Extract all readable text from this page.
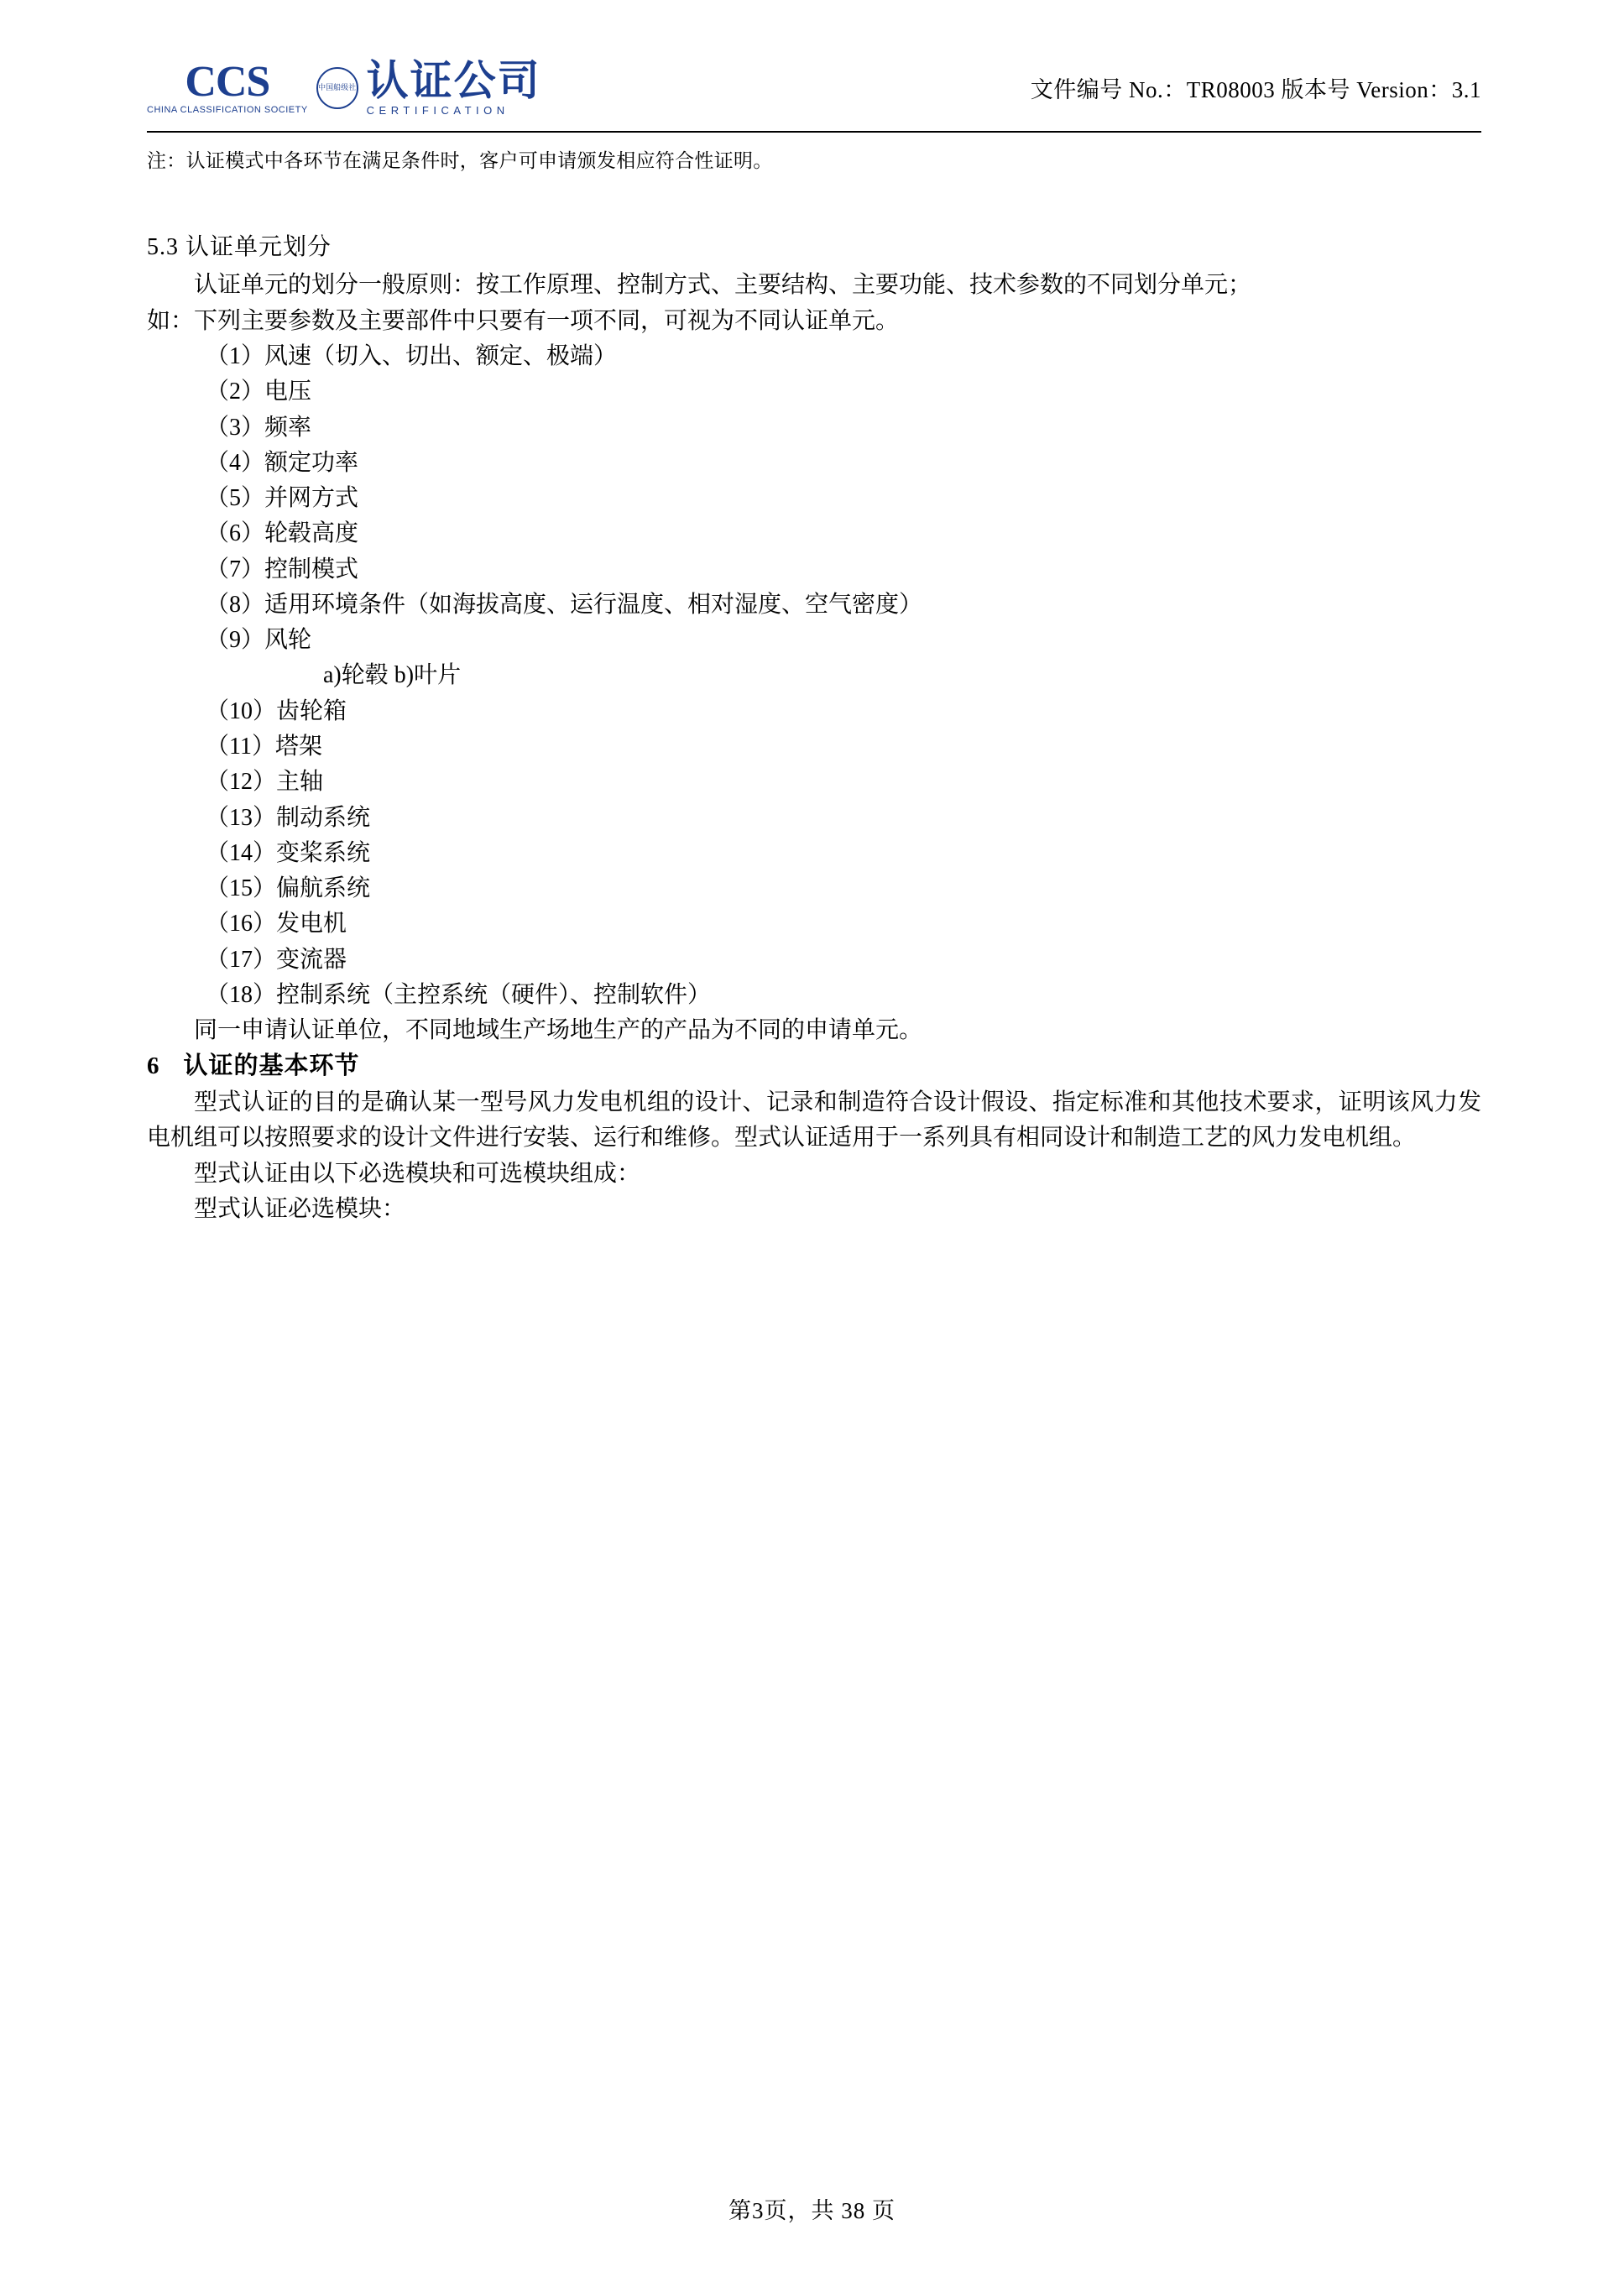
CCS
CHINA CLASSIFICATION SOCIETY
中国船级社 认证公司
CERTIFICATION
文件编号 No.：TR08003 版本号 Version：3.1
注：认证模式中各环节在满足条件时，客户可申请颁发相应符合性证明。
5.3 认证单元划分

认证单元的划分一般原则：按工作原理、控制方式、主要结构、主要功能、技术参数的不同划分单元；

如：下列主要参数及主要部件中只要有一项不同，可视为不同认证单元。

（1）风速（切入、切出、额定、极端）
（2）电压
（3）频率
（4）额定功率
（5）并网方式
（6）轮毂高度
（7）控制模式
（8）适用环境条件（如海拔高度、运行温度、相对湿度、空气密度）
（9）风轮
a)轮毂 b)叶片
（10）齿轮箱
（11）塔架
（12）主轴
（13）制动系统
（14）变桨系统
（15）偏航系统
（16）发电机
（17）变流器
（18）控制系统（主控系统（硬件）、控制软件）

同一申请认证单位，不同地域生产场地生产的产品为不同的申请单元。

6 认证的基本环节

型式认证的目的是确认某一型号风力发电机组的设计、记录和制造符合设计假设、指定标准和其他技术要求，证明该风力发电机组可以按照要求的设计文件进行安装、运行和维修。型式认证适用于一系列具有相同设计和制造工艺的风力发电机组。

型式认证由以下必选模块和可选模块组成：

型式认证必选模块：

第3页，共 38 页
